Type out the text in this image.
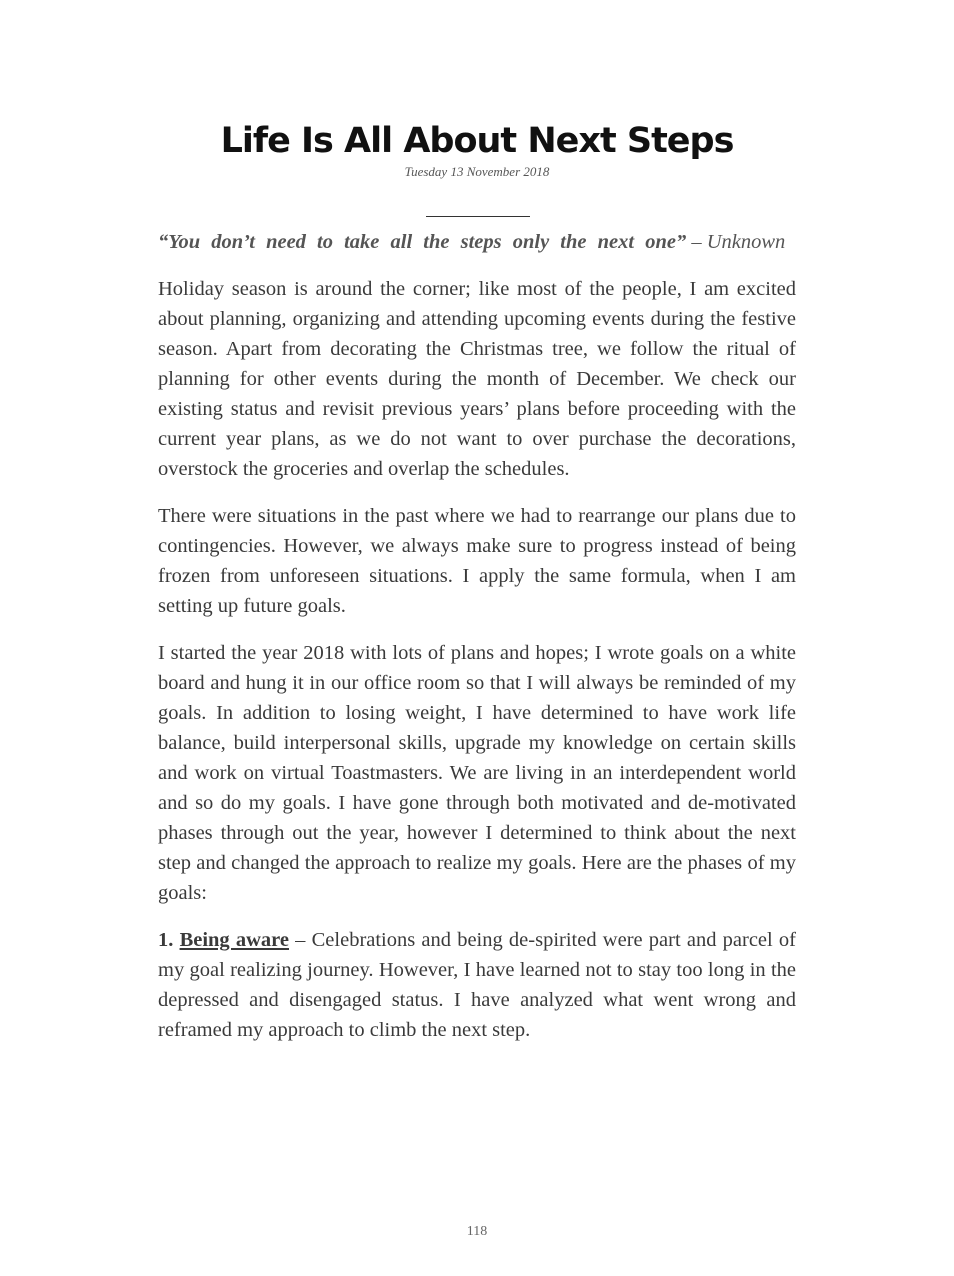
Life Is All About Next Steps
Tuesday 13 November 2018

“You don’t need to take all the steps only the next one” – Unknown

Holiday season is around the corner; like most of the people, I am excited about planning, organizing and attending upcoming events during the festive season. Apart from decorating the Christmas tree, we follow the ritual of planning for other events during the month of December. We check our existing status and revisit previous years’ plans before proceeding with the current year plans, as we do not want to over purchase the decorations, overstock the groceries and overlap the schedules.

There were situations in the past where we had to rearrange our plans due to contingencies. However, we always make sure to progress instead of being frozen from unforeseen situations. I apply the same formula, when I am setting up future goals.

I started the year 2018 with lots of plans and hopes; I wrote goals on a white board and hung it in our office room so that I will always be reminded of my goals. In addition to losing weight, I have determined to have work life balance, build interpersonal skills, upgrade my knowledge on certain skills and work on virtual Toastmasters. We are living in an interdependent world and so do my goals. I have gone through both motivated and de-motivated phases through out the year, however I determined to think about the next step and changed the approach to realize my goals. Here are the phases of my goals:

1. Being aware – Celebrations and being de-spirited were part and parcel of my goal realizing journey. However, I have learned not to stay too long in the depressed and disengaged status. I have analyzed what went wrong and reframed my approach to climb the next step.

118
